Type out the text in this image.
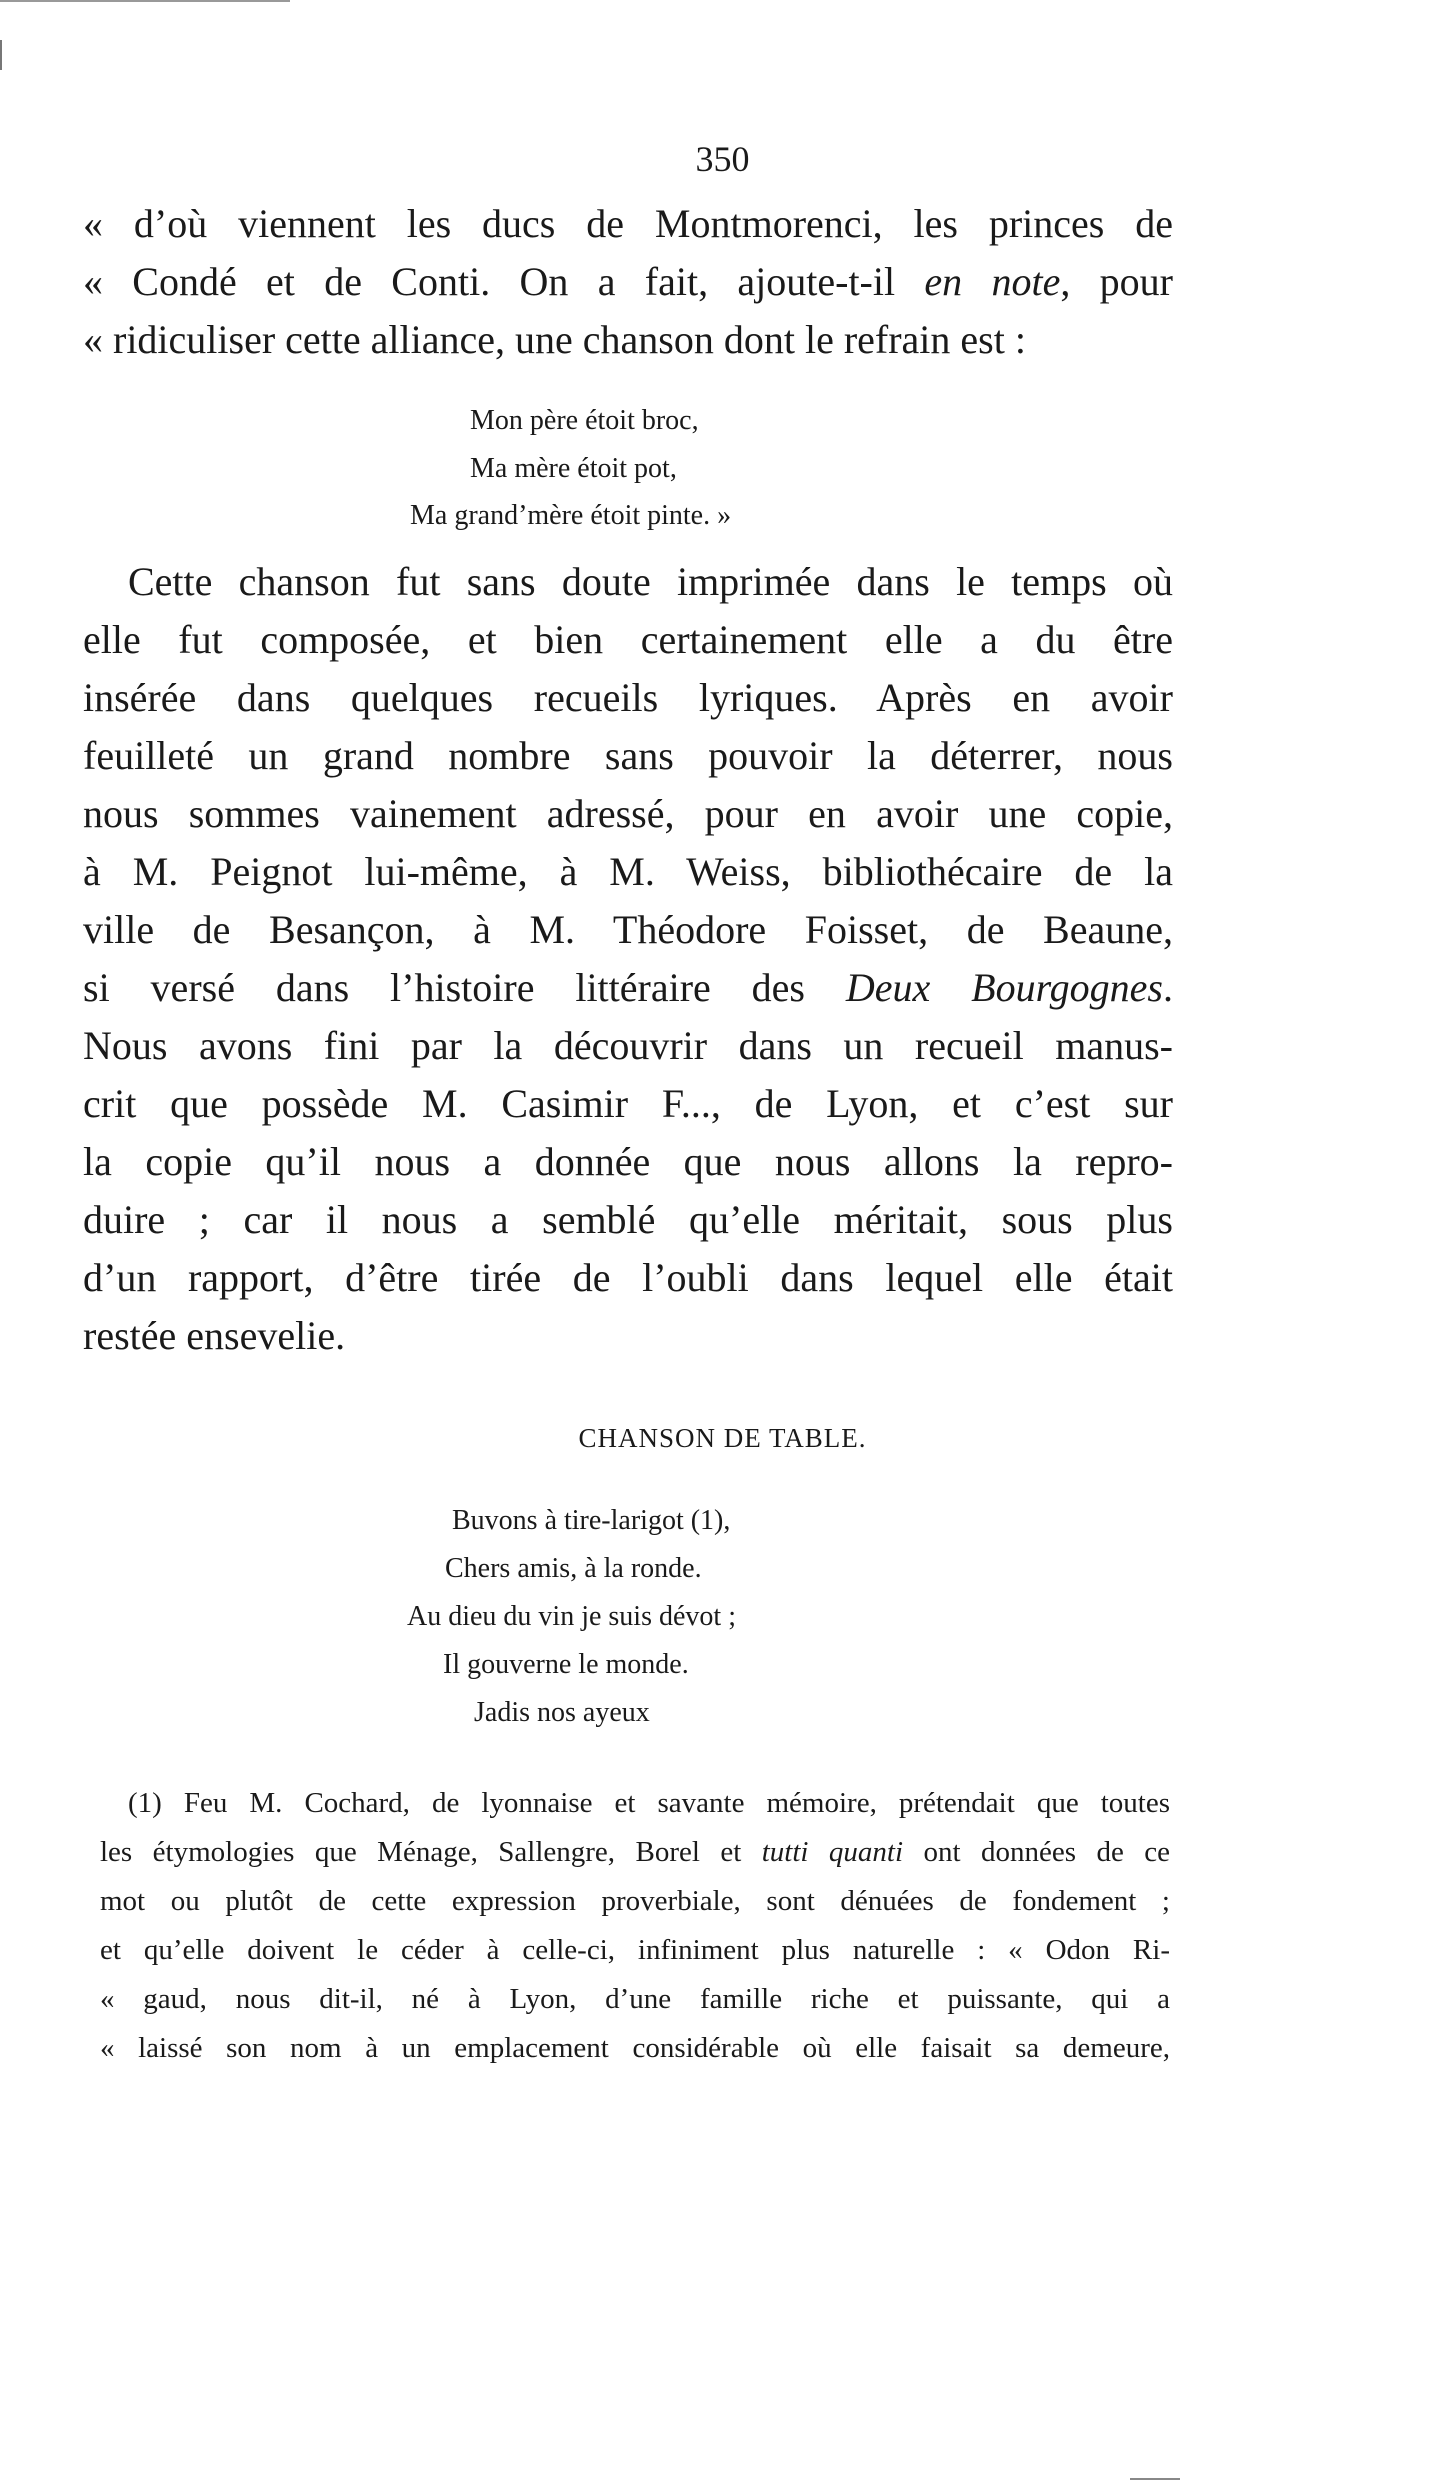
350
« d’où viennent les ducs de Montmorenci, les princes de
« Condé et de Conti. On a fait, ajoute-t-il en note, pour
« ridiculiser cette alliance, une chanson dont le refrain est :
Mon père étoit broc,
Ma mère étoit pot,
Ma grand’mère étoit pinte. »
Cette chanson fut sans doute imprimée dans le temps où
elle fut composée, et bien certainement elle a du être
insérée dans quelques recueils lyriques. Après en avoir
feuilleté un grand nombre sans pouvoir la déterrer, nous
nous sommes vainement adressé, pour en avoir une copie,
à M. Peignot lui-même, à M. Weiss, bibliothécaire de la
ville de Besançon, à M. Théodore Foisset, de Beaune,
si versé dans l’histoire littéraire des Deux Bourgognes.
Nous avons fini par la découvrir dans un recueil manus-
crit que possède M. Casimir F..., de Lyon, et c’est sur
la copie qu’il nous a donnée que nous allons la repro-
duire ; car il nous a semblé qu’elle méritait, sous plus
d’un rapport, d’être tirée de l’oubli dans lequel elle était
restée ensevelie.
CHANSON DE TABLE.
Buvons à tire-larigot (1),
Chers amis, à la ronde.
Au dieu du vin je suis dévot ;
Il gouverne le monde.
Jadis nos ayeux
(1) Feu M. Cochard, de lyonnaise et savante mémoire, prétendait que toutes
les étymologies que Ménage, Sallengre, Borel et tutti quanti ont données de ce
mot ou plutôt de cette expression proverbiale, sont dénuées de fondement ;
et qu’elle doivent le céder à celle-ci, infiniment plus naturelle : « Odon Ri-
« gaud, nous dit-il, né à Lyon, d’une famille riche et puissante, qui a
« laissé son nom à un emplacement considérable où elle faisait sa demeure,
